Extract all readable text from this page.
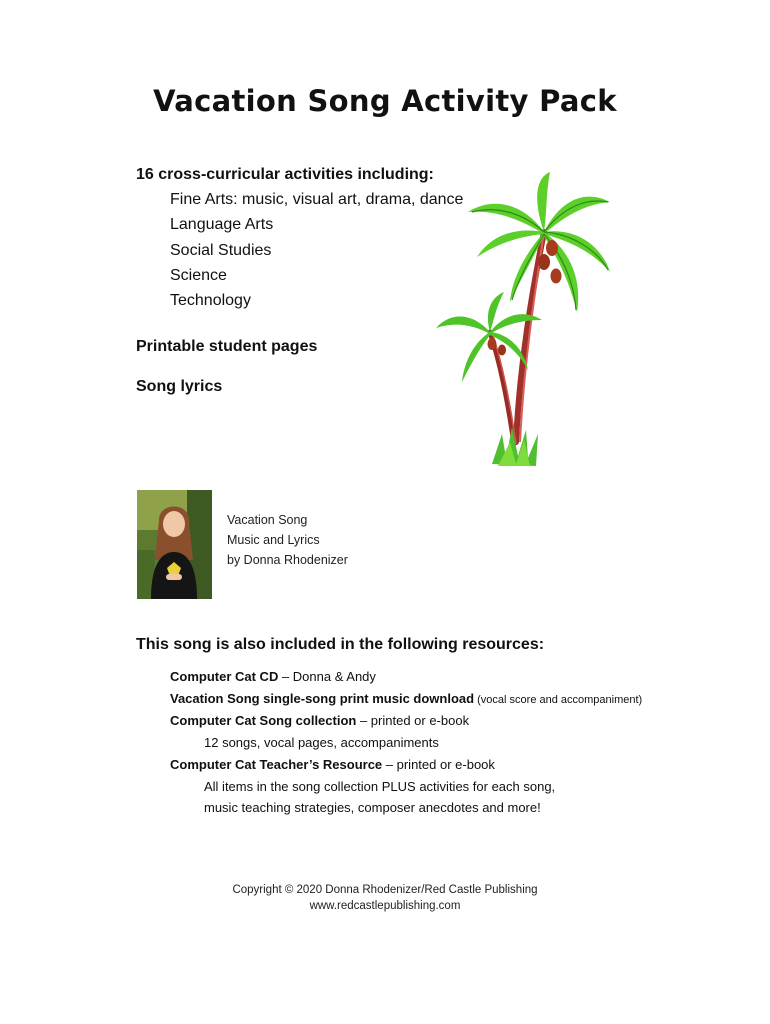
Vacation Song Activity Pack
16 cross-curricular activities including:
Fine Arts: music, visual art, drama, dance
Language Arts
Social Studies
Science
Technology
Printable student pages
Song lyrics
Vacation Song
Music and Lyrics
by Donna Rhodenizer
This song is also included in the following resources:
Computer Cat CD – Donna & Andy
Vacation Song single-song print music download (vocal score and accompaniment)
Computer Cat Song collection – printed or e-book
12 songs, vocal pages, accompaniments
Computer Cat Teacher’s Resource – printed or e-book
All items in the song collection PLUS activities for each song,
music teaching strategies, composer anecdotes and more!
Copyright © 2020 Donna Rhodenizer/Red Castle Publishing
www.redcastlepublishing.com
